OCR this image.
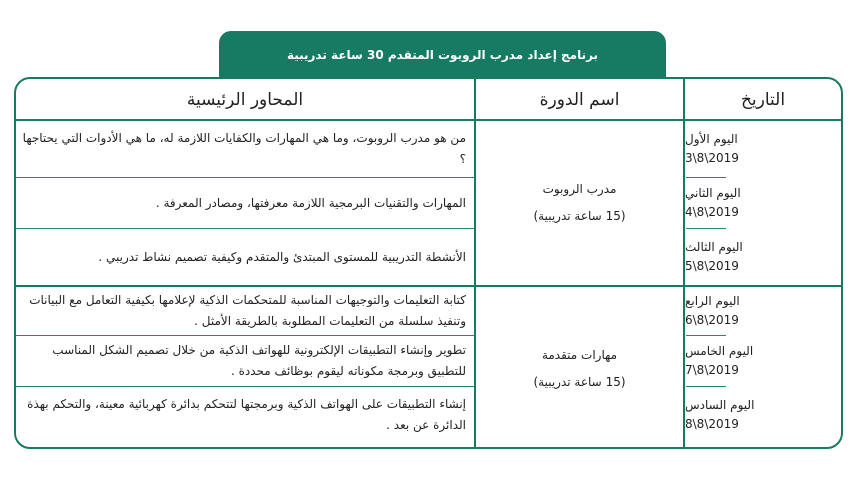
برنامج إعداد مدرب الروبوت المتقدم 30 ساعة تدريبية
التاريخ
اسم الدورة
المحاور الرئيسية
مدرب الروبوت
(15 ساعة تدريبية)
مهارات متقدمة
(15 ساعة تدريبية)
اليوم الأول
3\8\2019
اليوم الثاني
4\8\2019
اليوم الثالث
5\8\2019
اليوم الرابع
6\8\2019
اليوم الخامس
7\8\2019
اليوم السادس
8\8\2019
من هو مدرب الروبوت، وما هي المهارات والكفايات اللازمة له، ما هي الأدوات التي يحتاجها ؟
المهارات والتقنيات البرمجية اللازمة معرفتها، ومصادر المعرفة .
الأنشطة التدريبية للمستوى المبتدئ والمتقدم وكيفية تصميم نشاط تدريبي .
كتابة التعليمات والتوجيهات المناسبة للمتحكمات الذكية لإعلامها بكيفية التعامل مع البيانات وتنفيذ سلسلة من التعليمات المطلوبة بالطريقة الأمثل .
تطوير وإنشاء التطبيقات الإلكترونية للهواتف الذكية من خلال تصميم الشكل المناسب للتطبيق وبرمجة مكوناته ليقوم بوظائف محددة .
إنشاء التطبيقات على الهواتف الذكية وبرمجتها لتتحكم بدائرة كهربائية معينة، والتحكم بهذة الدائرة عن بعد .
